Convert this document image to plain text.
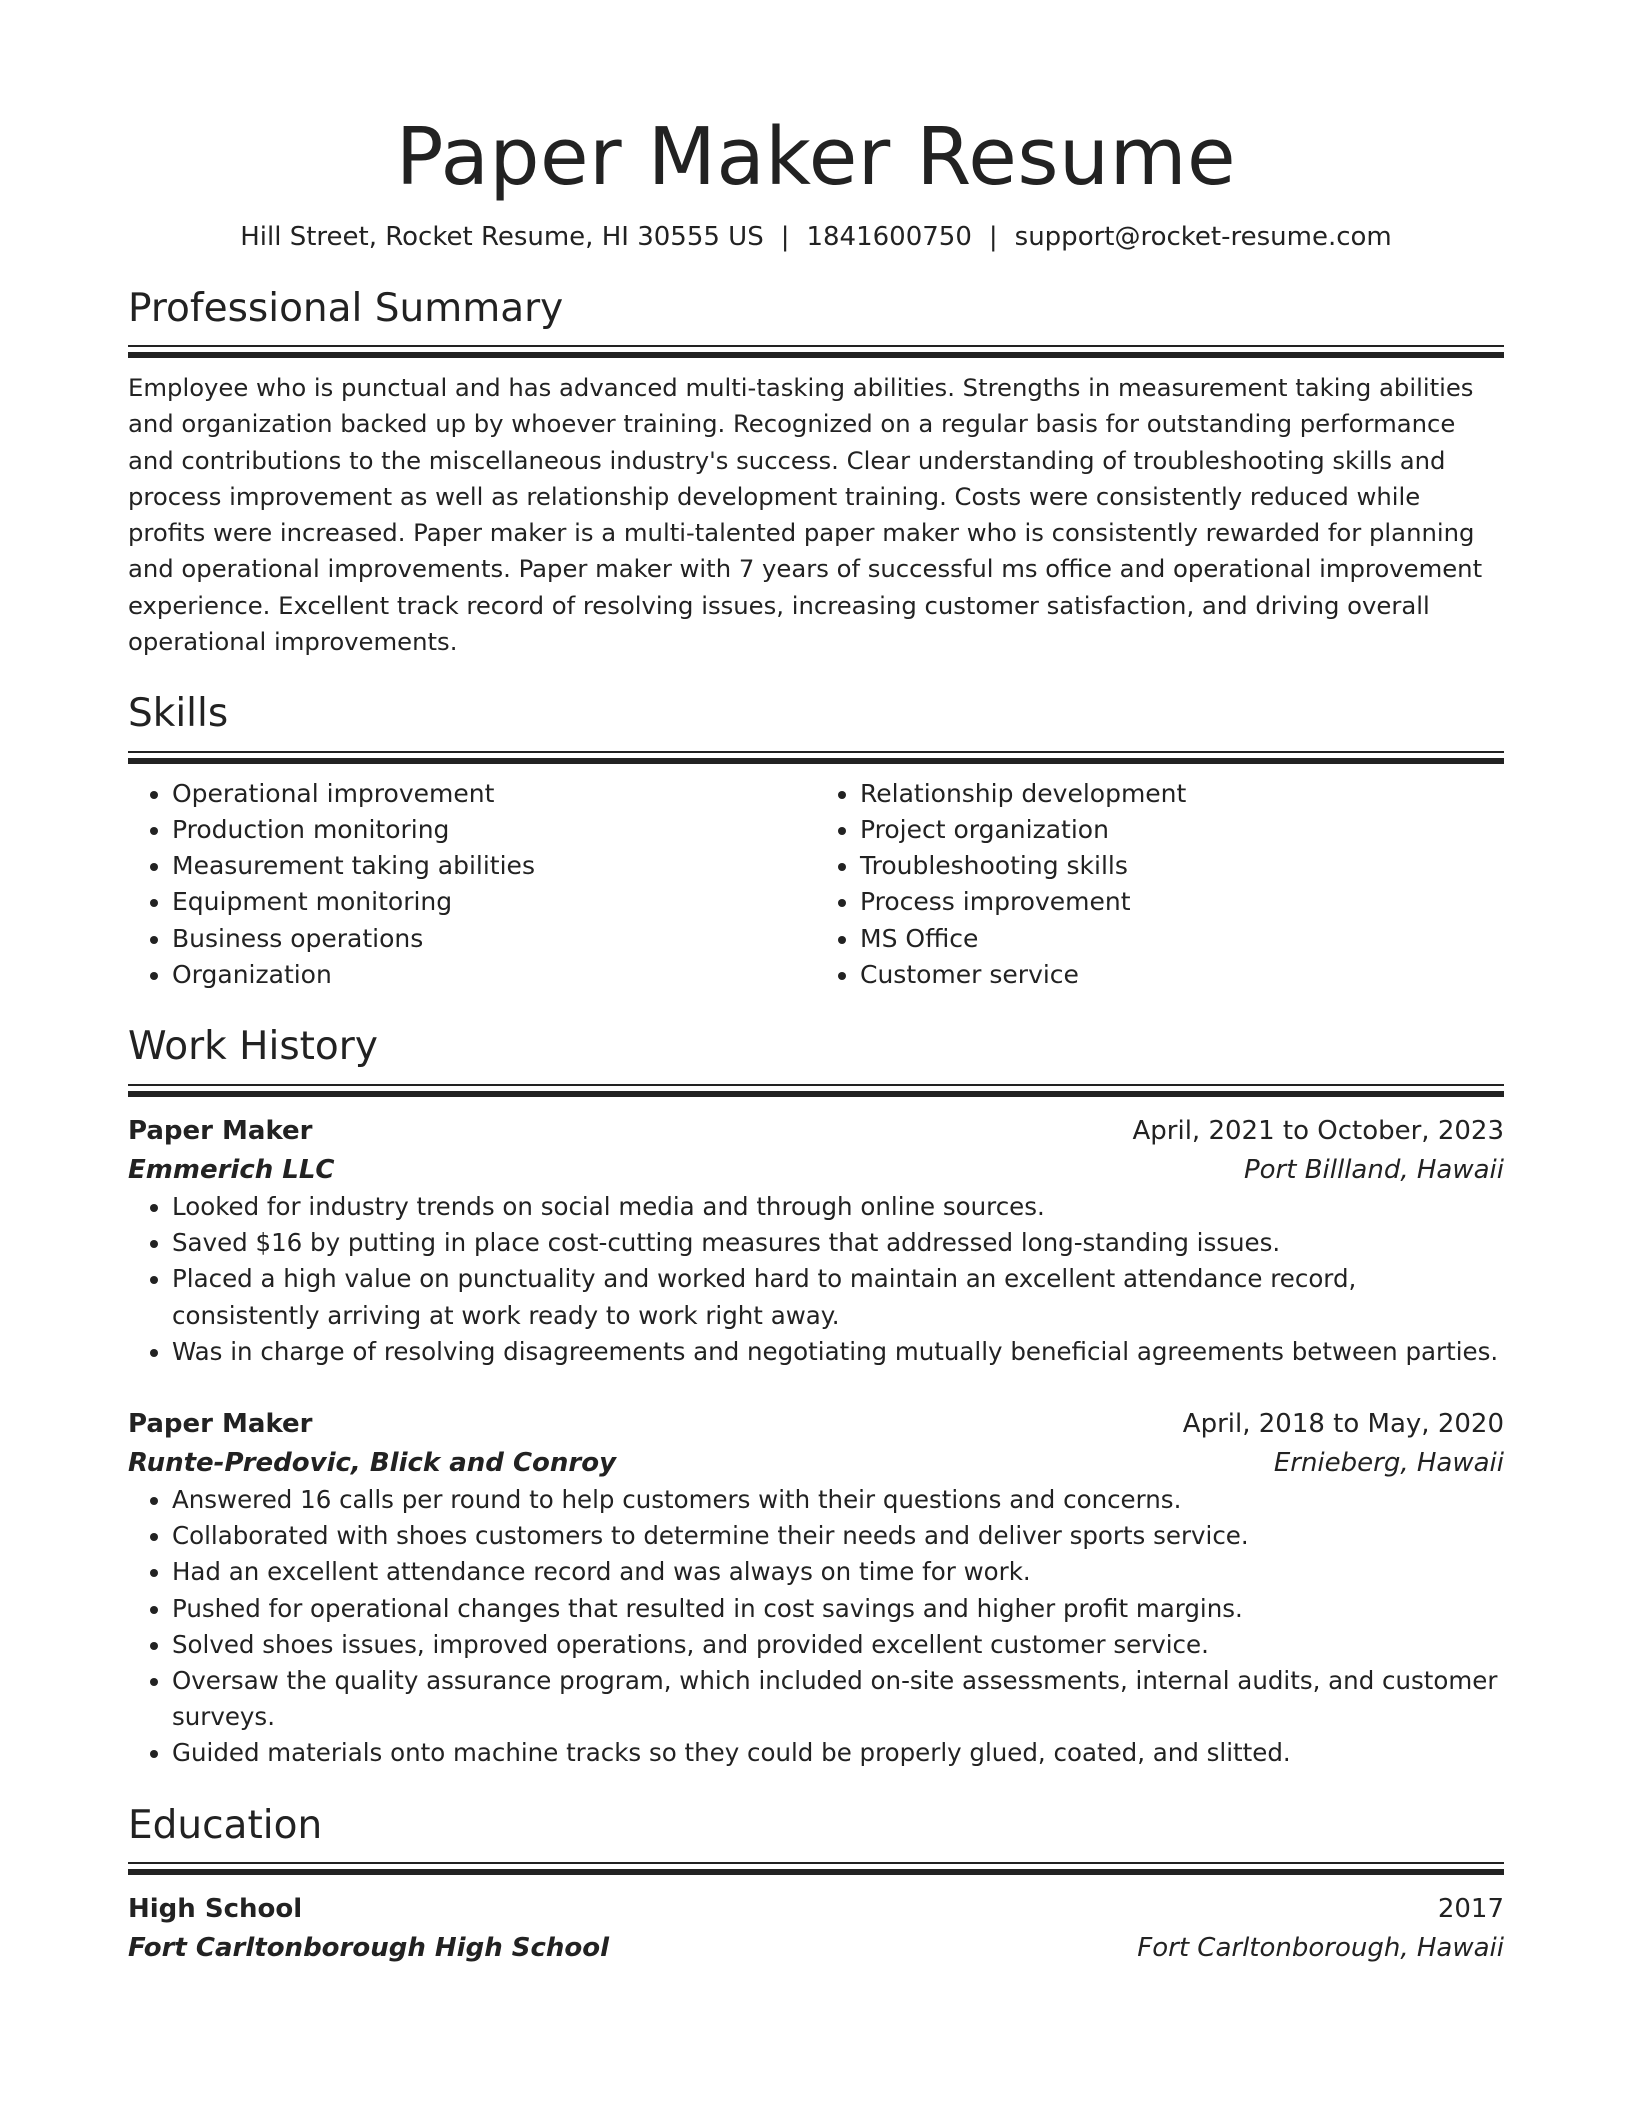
Paper Maker Resume
Hill Street, Rocket Resume, HI 30555 US | 1841600750 | support@rocket-resume.com
Professional Summary
Employee who is punctual and has advanced multi-tasking abilities. Strengths in measurement taking abilities and organization backed up by whoever training. Recognized on a regular basis for outstanding performance and contributions to the miscellaneous industry's success. Clear understanding of troubleshooting skills and process improvement as well as relationship development training. Costs were consistently reduced while profits were increased. Paper maker is a multi-talented paper maker who is consistently rewarded for planning and operational improvements. Paper maker with 7 years of successful ms office and operational improvement experience. Excellent track record of resolving issues, increasing customer satisfaction, and driving overall operational improvements.
Skills
• Operational improvement
• Production monitoring
• Measurement taking abilities
• Equipment monitoring
• Business operations
• Organization
• Relationship development
• Project organization
• Troubleshooting skills
• Process improvement
• MS Office
• Customer service
Work History
Paper Maker	April, 2021 to October, 2023
Emmerich LLC	Port Billland, Hawaii
• Looked for industry trends on social media and through online sources.
• Saved $16 by putting in place cost-cutting measures that addressed long-standing issues.
• Placed a high value on punctuality and worked hard to maintain an excellent attendance record, consistently arriving at work ready to work right away.
• Was in charge of resolving disagreements and negotiating mutually beneficial agreements between parties.
Paper Maker	April, 2018 to May, 2020
Runte-Predovic, Blick and Conroy	Ernieberg, Hawaii
• Answered 16 calls per round to help customers with their questions and concerns.
• Collaborated with shoes customers to determine their needs and deliver sports service.
• Had an excellent attendance record and was always on time for work.
• Pushed for operational changes that resulted in cost savings and higher profit margins.
• Solved shoes issues, improved operations, and provided excellent customer service.
• Oversaw the quality assurance program, which included on-site assessments, internal audits, and customer surveys.
• Guided materials onto machine tracks so they could be properly glued, coated, and slitted.
Education
High School	2017
Fort Carltonborough High School	Fort Carltonborough, Hawaii
